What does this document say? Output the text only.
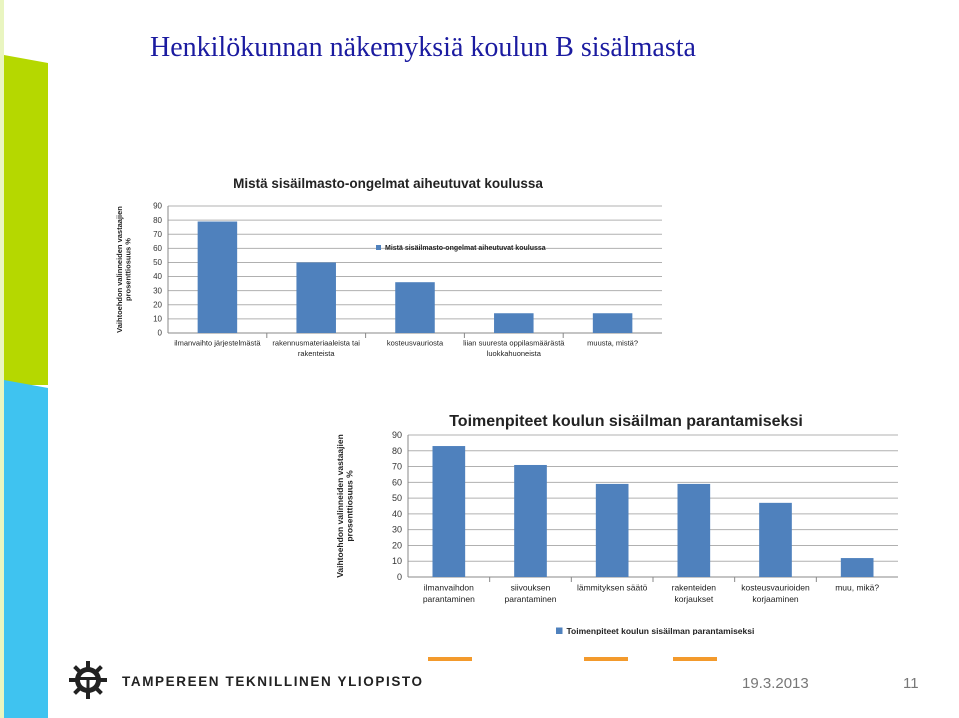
Henkilökunnan näkemyksiä koulun B sisälmasta
Mistä sisäilmasto-ongelmat aiheutuvat koulussa
Vaihtoehdon valinneiden vastaajienprosenttiosuus %
0
10
20
30
40
50
60
70
80
90
ilmanvaihto järjestelmästä rakennusmateriaaleista tai
rakenteista
kosteusvauriosta	liian suuresta oppilasmäärästä
luokkahuoneista
muusta, mistä?
Mistä sisäilmasto-ongelmat aiheutuvat koulussa
Toimenpiteet koulun sisäilman parantamiseksi
Vaihtoehdon valinneiden vastaajienprosenttiosuus %
0
10
20
30
40
50
60
70
80
90
ilmanvaihdon
parantaminen
siivouksen
parantaminen
lämmityksen säätö	rakenteiden
korjaukset
kosteusvaurioiden
korjaaminen
muu, mikä?
Toimenpiteet koulun sisäilman parantamiseksi
TAMPEREEN TEKNILLINEN YLIOPISTO	19.3.2013	11
